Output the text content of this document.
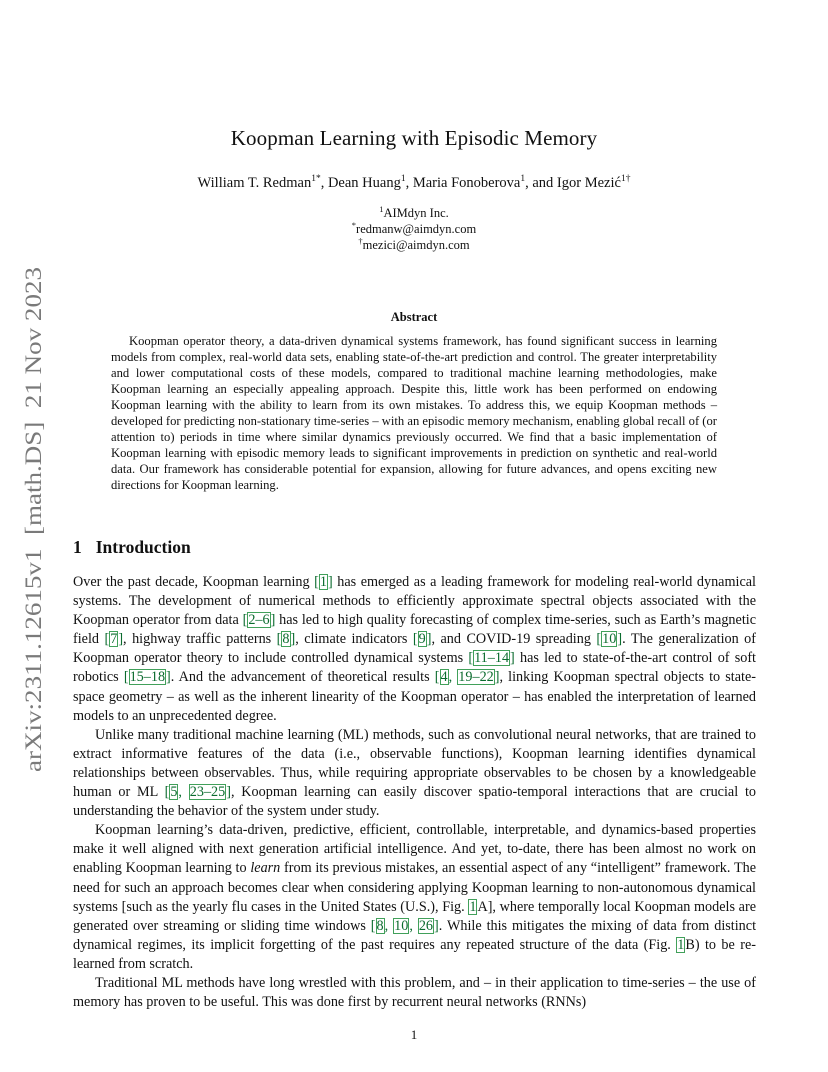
arXiv:2311.12615v1  [math.DS]  21 Nov 2023
Koopman Learning with Episodic Memory
William T. Redman$^{1*}$, Dean Huang$^1$, Maria Fonoberova$^1$, and Igor Mezić$^{1\dagger}$
$^1$AIMdyn Inc.
*redmanw@aimdyn.com
†mezici@aimdyn.com
Abstract
Koopman operator theory, a data-driven dynamical systems framework, has found significant success in learning models from complex, real-world data sets, enabling state-of-the-art prediction and control. The greater interpretability and lower computational costs of these models, compared to traditional machine learning methodologies, make Koopman learning an especially appealing approach. Despite this, little work has been performed on endowing Koopman learning with the ability to learn from its own mistakes. To address this, we equip Koopman methods – developed for predicting non-stationary time-series – with an episodic memory mechanism, enabling global recall of (or attention to) periods in time where similar dynamics previously occurred. We find that a basic implementation of Koopman learning with episodic memory leads to significant improvements in prediction on synthetic and real-world data. Our framework has considerable potential for expansion, allowing for future advances, and opens exciting new directions for Koopman learning.
1 Introduction

Over the past decade, Koopman learning [1] has emerged as a leading framework for modeling real-world dynamical systems. The development of numerical methods to efficiently approximate spectral objects associated with the Koopman operator from data [2–6] has led to high quality forecasting of complex time-series, such as Earth’s magnetic field [7], highway traffic patterns [8], climate indicators [9], and COVID-19 spreading [10]. The generalization of Koopman operator theory to include controlled dynamical systems [11–14] has led to state-of-the-art control of soft robotics [15–18]. And the advancement of theoretical results [4, 19–22], linking Koopman spectral objects to state-space geometry – as well as the inherent linearity of the Koopman operator – has enabled the interpretation of learned models to an unprecedented degree.

Unlike many traditional machine learning (ML) methods, such as convolutional neural networks, that are trained to extract informative features of the data (i.e., observable functions), Koopman learning identifies dynamical relationships between observables. Thus, while requiring appropriate observables to be chosen by a knowledgeable human or ML [5, 23–25], Koopman learning can easily discover spatio-temporal interactions that are crucial to understanding the behavior of the system under study.

Koopman learning’s data-driven, predictive, efficient, controllable, interpretable, and dynamics-based properties make it well aligned with next generation artificial intelligence. And yet, to-date, there has been almost no work on enabling Koopman learning to learn from its previous mistakes, an essential aspect of any “intelligent” framework. The need for such an approach becomes clear when considering applying Koopman learning to non-autonomous dynamical systems [such as the yearly flu cases in the United States (U.S.), Fig. 1A], where temporally local Koopman models are generated over streaming or sliding time windows [8, 10, 26]. While this mitigates the mixing of data from distinct dynamical regimes, its implicit forgetting of the past requires any repeated structure of the data (Fig. 1B) to be re-learned from scratch.

Traditional ML methods have long wrestled with this problem, and – in their application to time-series – the use of memory has proven to be useful. This was done first by recurrent neural networks (RNNs)

1
